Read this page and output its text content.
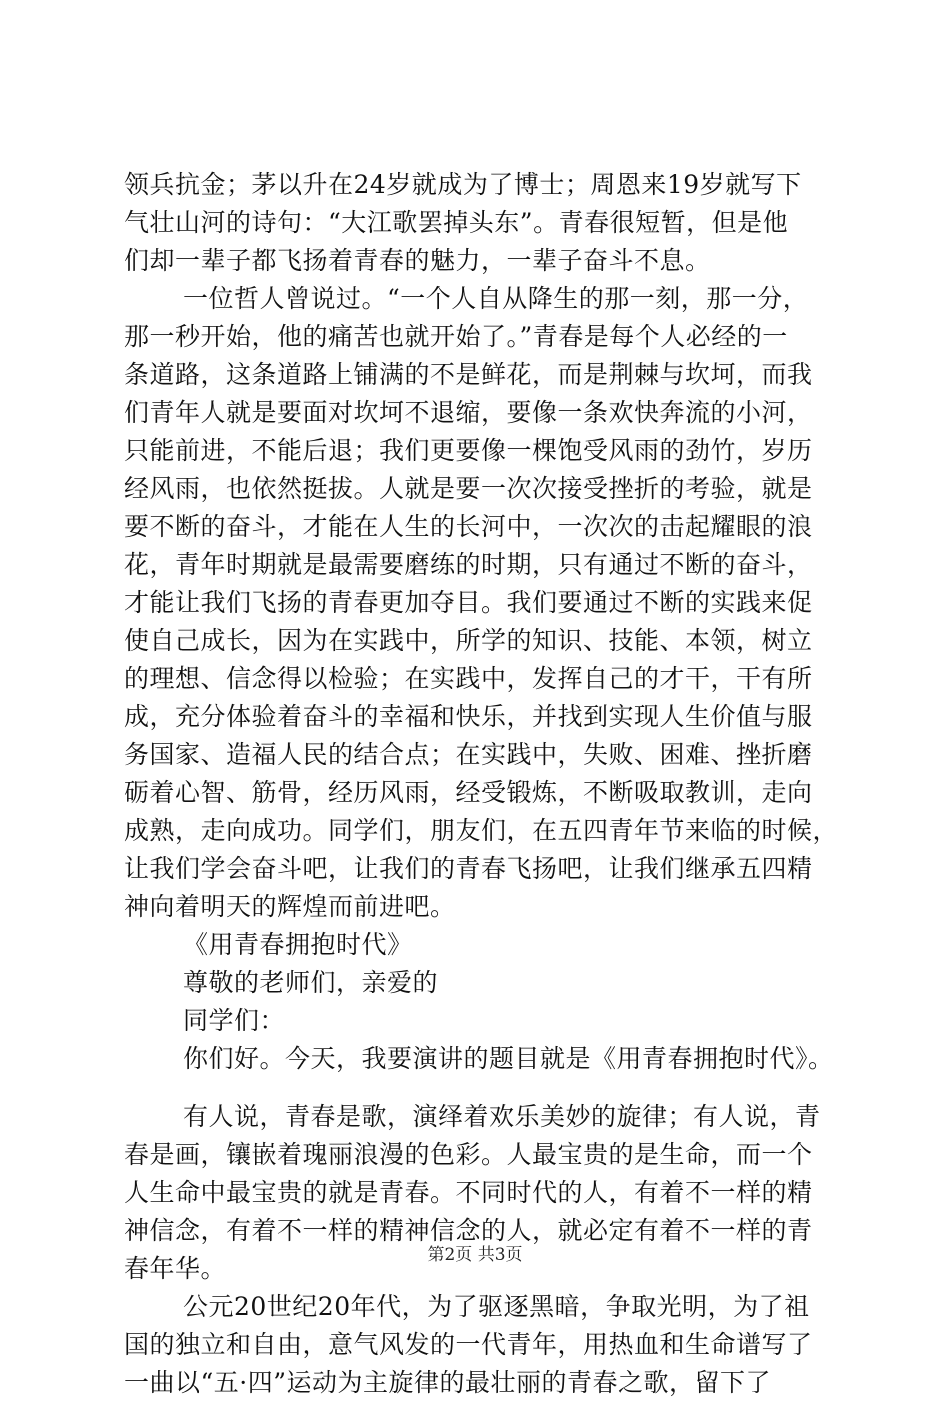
领兵抗金；茅以升在24岁就成为了博士；周恩来19岁就写下
气壮山河的诗句：“大江歌罢掉头东”。青春很短暂，但是他
们却一辈子都飞扬着青春的魅力，一辈子奋斗不息。
一位哲人曾说过。“一个人自从降生的那一刻，那一分，
那一秒开始，他的痛苦也就开始了。”青春是每个人必经的一
条道路，这条道路上铺满的不是鲜花，而是荆棘与坎坷，而我
们青年人就是要面对坎坷不退缩，要像一条欢快奔流的小河，
只能前进，不能后退；我们更要像一棵饱受风雨的劲竹，岁历
经风雨，也依然挺拔。人就是要一次次接受挫折的考验，就是
要不断的奋斗，才能在人生的长河中，一次次的击起耀眼的浪
花，青年时期就是最需要磨练的时期，只有通过不断的奋斗，
才能让我们飞扬的青春更加夺目。我们要通过不断的实践来促
使自己成长，因为在实践中，所学的知识、技能、本领，树立
的理想、信念得以检验；在实践中，发挥自己的才干，干有所
成，充分体验着奋斗的幸福和快乐，并找到实现人生价值与服
务国家、造福人民的结合点；在实践中，失败、困难、挫折磨
砺着心智、筋骨，经历风雨，经受锻炼，不断吸取教训，走向
成熟，走向成功。同学们，朋友们，在五四青年节来临的时候，
让我们学会奋斗吧，让我们的青春飞扬吧，让我们继承五四精
神向着明天的辉煌而前进吧。
《用青春拥抱时代》
尊敬的老师们，亲爱的
同学们：
你们好。今天，我要演讲的题目就是《用青春拥抱时代》。
有人说，青春是歌，演绎着欢乐美妙的旋律；有人说，青
春是画，镶嵌着瑰丽浪漫的色彩。人最宝贵的是生命，而一个
人生命中最宝贵的就是青春。不同时代的人，有着不一样的精
神信念，有着不一样的精神信念的人，就必定有着不一样的青
春年华。
公元20世纪20年代，为了驱逐黑暗，争取光明，为了祖
国的独立和自由，意气风发的一代青年，用热血和生命谱写了
一曲以“五·四”运动为主旋律的最壮丽的青春之歌，留下了
第2页 共3页
